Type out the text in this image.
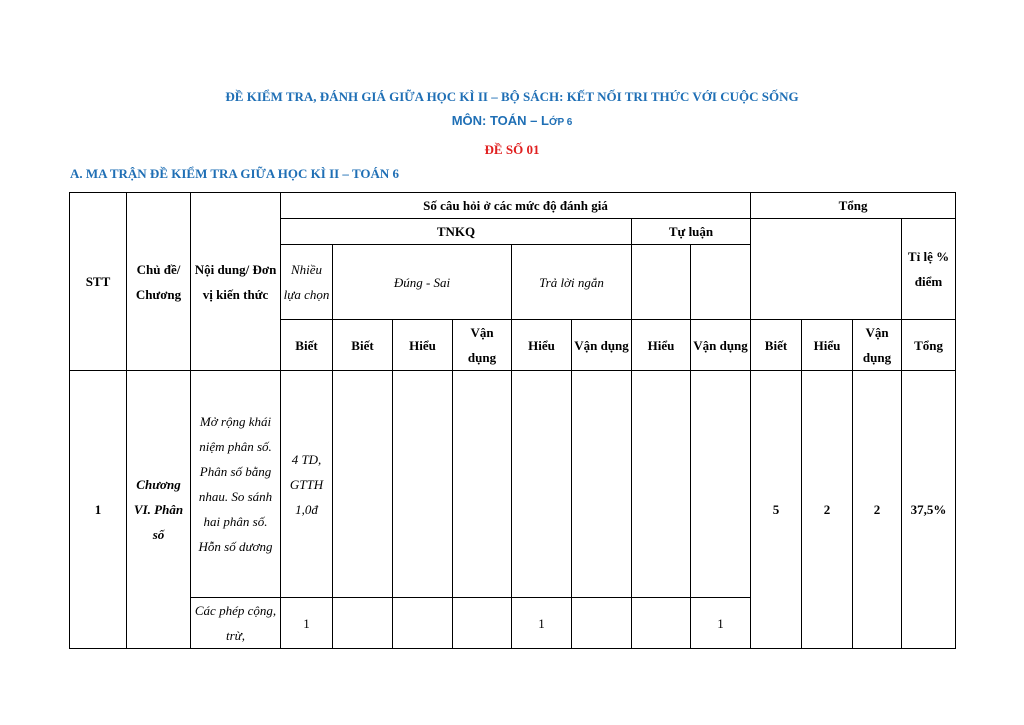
ĐỀ KIỂM TRA, ĐÁNH GIÁ GIỮA HỌC KÌ II – BỘ SÁCH: KẾT NỐI TRI THỨC VỚI CUỘC SỐNG
MÔN: TOÁN – LỚP 6
ĐỀ SỐ 01
A. MA TRẬN ĐỀ KIỂM TRA GIỮA HỌC KÌ II – TOÁN 6
STT	Chủ đề/ Chương	Nội dung/ Đơn vị kiến thức	Số câu hỏi ở các mức độ đánh giá								Tổng			
			TNKQ						Tự luận					Tỉ lệ % điểm
			Nhiều lựa chọn	Đúng - Sai			Trả lời ngắn							
			Biết	Biết	Hiểu	Vận dụng	Hiểu	Vận dụng	Hiểu	Vận dụng	Biết	Hiểu	Vận dụng	Tổng
1	Chương VI. Phân số	Mở rộng khái niệm phân số. Phân số bằng nhau. So sánh hai phân số. Hỗn số dương	4 TD, GTTH 1,0đ								5	2	2	37,5%
		Các phép cộng, trừ,	1				1			1				
